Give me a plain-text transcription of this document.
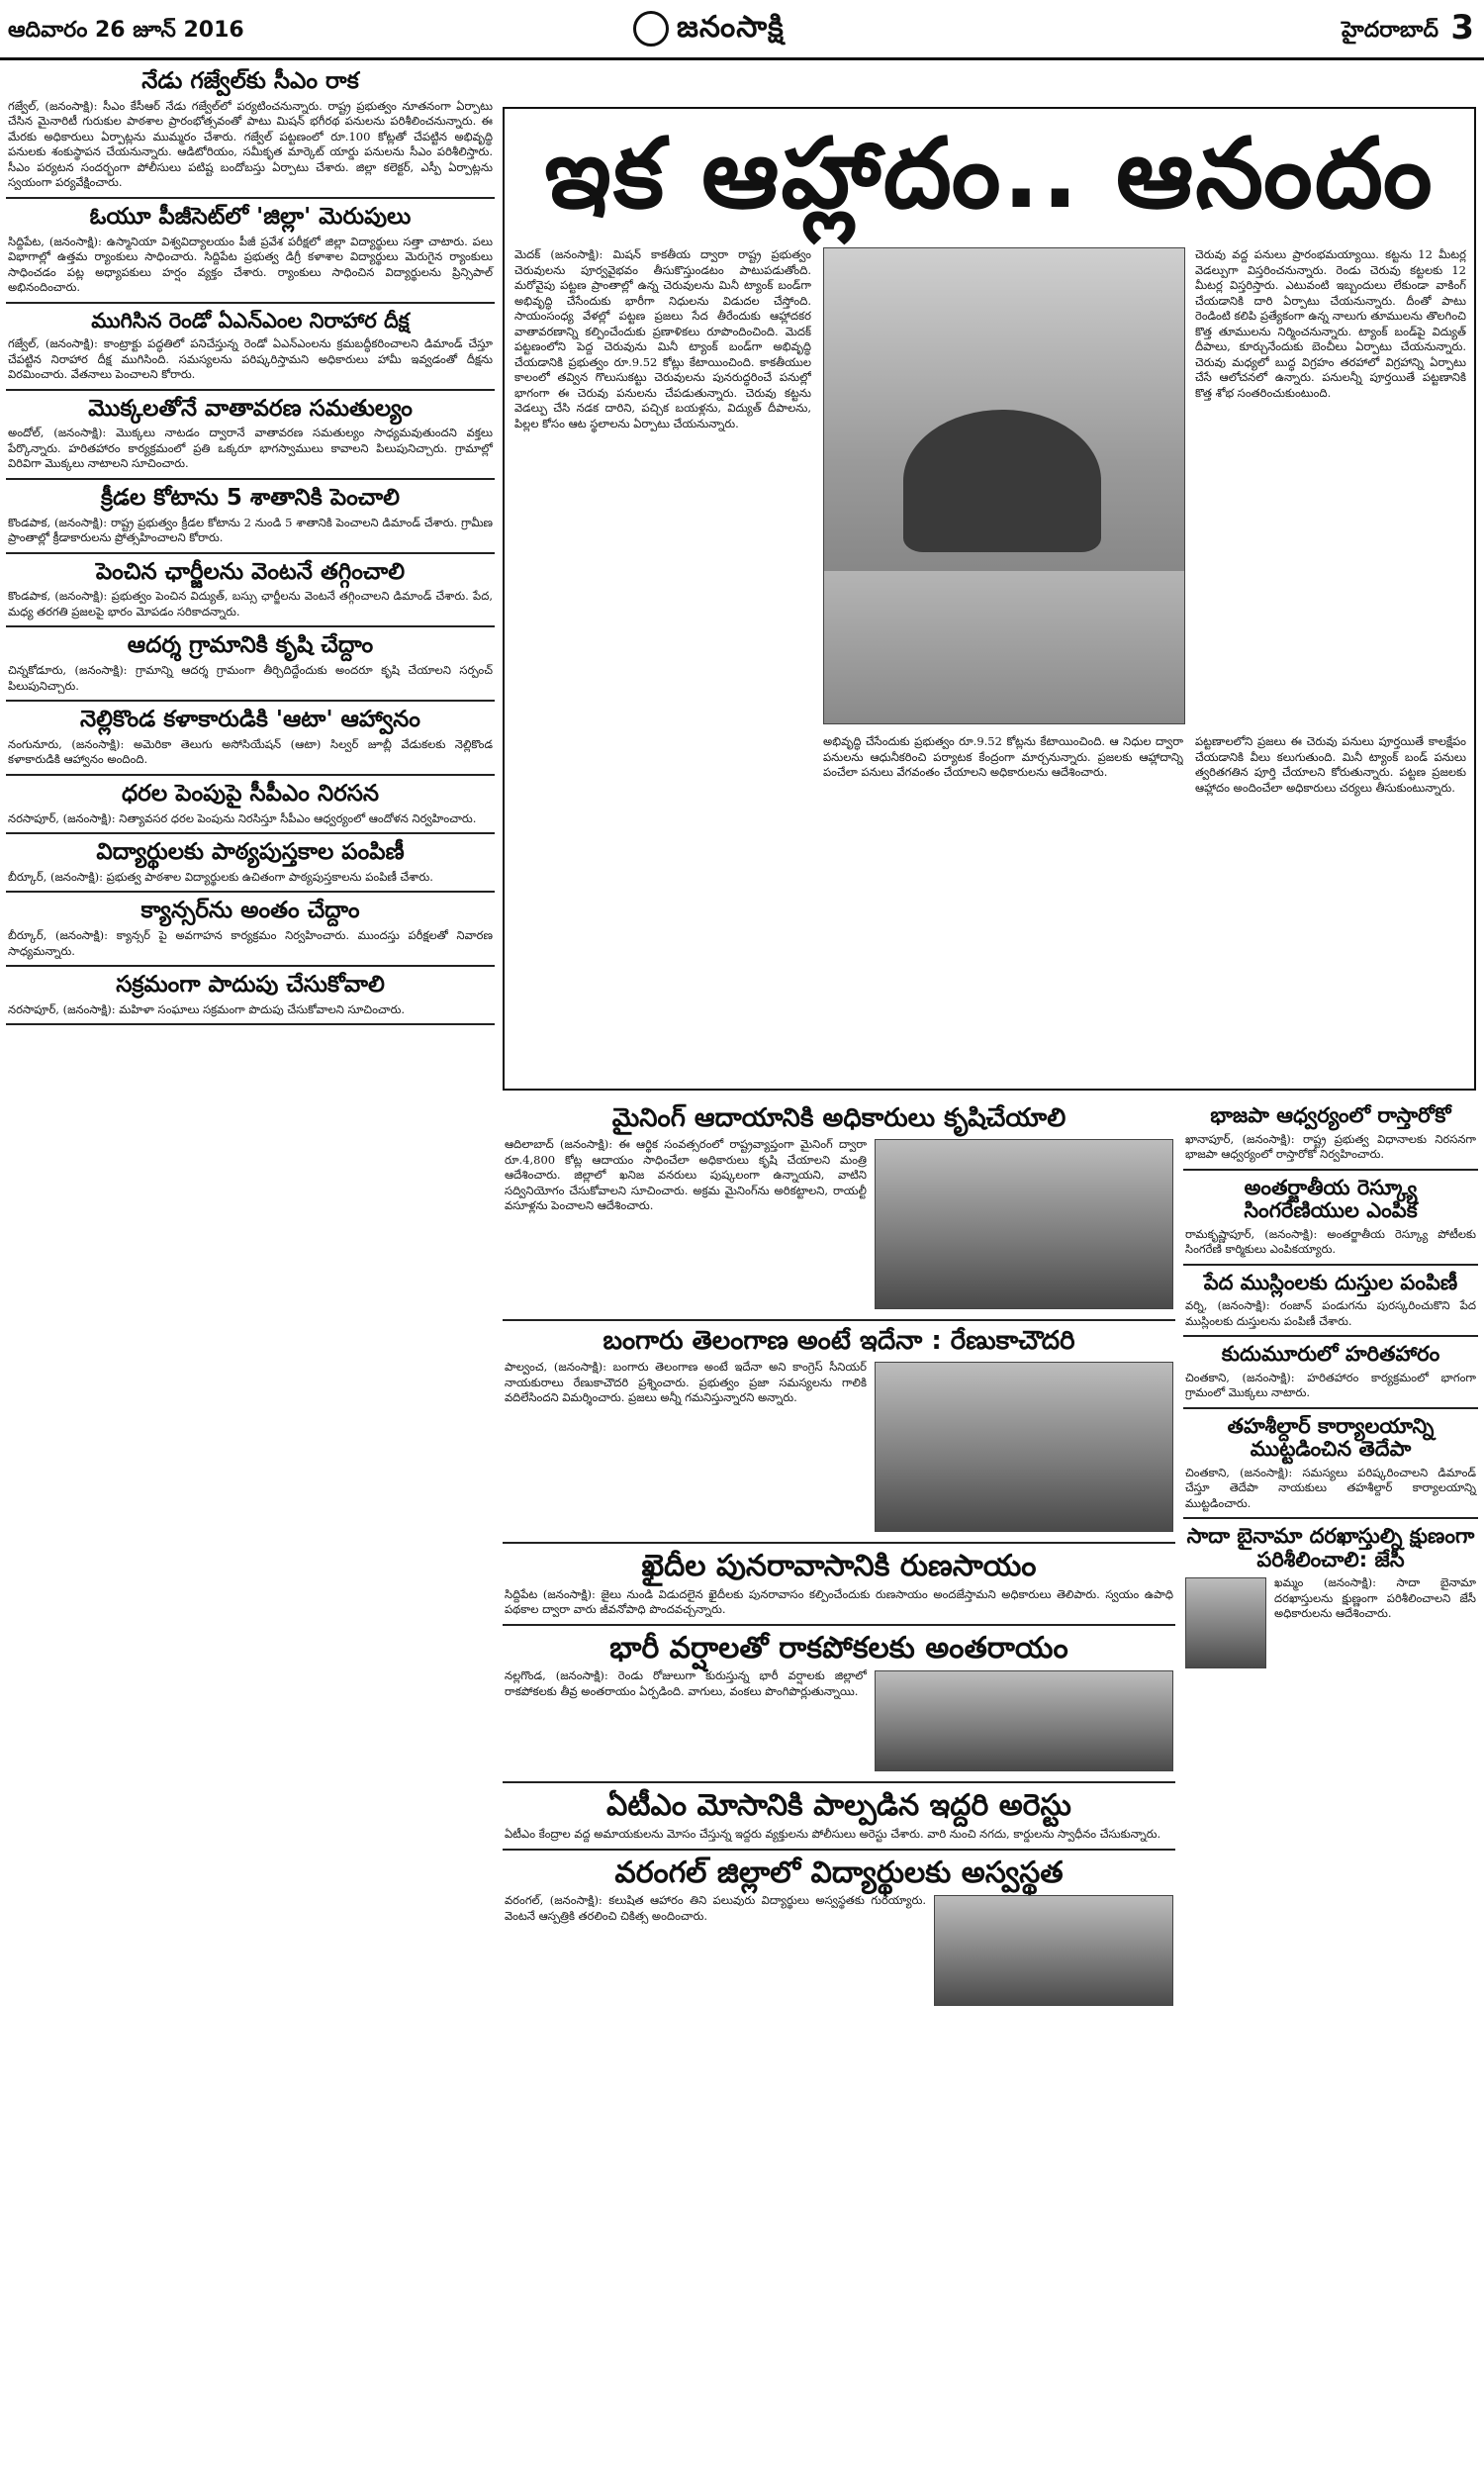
ఆదివారం 26 జూన్ 2016	జనంసాక్షి	హైదరాబాద్ 3
నేడు గజ్వేల్‌కు సీఎం రాక

గజ్వేల్, (జనంసాక్షి): సీఎం కేసీఆర్ నేడు గజ్వేల్‌లో పర్యటించనున్నారు. రాష్ట్ర ప్రభుత్వం నూతనంగా ఏర్పాటు చేసిన మైనారిటీ గురుకుల పాఠశాల ప్రారంభోత్సవంతో పాటు మిషన్ భగీరథ పనులను పరిశీలించనున్నారు. ఈ మేరకు అధికారులు ఏర్పాట్లను ముమ్మరం చేశారు. గజ్వేల్ పట్టణంలో రూ.100 కోట్లతో చేపట్టిన అభివృద్ధి పనులకు శంకుస్థాపన చేయనున్నారు. ఆడిటోరియం, సమీకృత మార్కెట్ యార్డు పనులను సీఎం పరిశీలిస్తారు. సీఎం పర్యటన సందర్భంగా పోలీసులు పటిష్ట బందోబస్తు ఏర్పాటు చేశారు. జిల్లా కలెక్టర్, ఎస్పీ ఏర్పాట్లను స్వయంగా పర్యవేక్షించారు.

ఓయూ పీజీసెట్‌లో 'జిల్లా' మెరుపులు

సిద్దిపేట, (జనంసాక్షి): ఉస్మానియా విశ్వవిద్యాలయం పీజీ ప్రవేశ పరీక్షలో జిల్లా విద్యార్థులు సత్తా చాటారు. పలు విభాగాల్లో ఉత్తమ ర్యాంకులు సాధించారు. సిద్దిపేట ప్రభుత్వ డిగ్రీ కళాశాల విద్యార్థులు మెరుగైన ర్యాంకులు సాధించడం పట్ల అధ్యాపకులు హర్షం వ్యక్తం చేశారు. ర్యాంకులు సాధించిన విద్యార్థులను ప్రిన్సిపాల్ అభినందించారు.

ముగిసిన రెండో ఏఎన్‌ఎంల నిరాహార దీక్ష

గజ్వేల్, (జనంసాక్షి): కాంట్రాక్టు పద్ధతిలో పనిచేస్తున్న రెండో ఏఎన్‌ఎంలను క్రమబద్ధీకరించాలని డిమాండ్ చేస్తూ చేపట్టిన నిరాహార దీక్ష ముగిసింది. సమస్యలను పరిష్కరిస్తామని అధికారులు హామీ ఇవ్వడంతో దీక్షను విరమించారు. వేతనాలు పెంచాలని కోరారు.

మొక్కలతోనే వాతావరణ సమతుల్యం

అందోల్, (జనంసాక్షి): మొక్కలు నాటడం ద్వారానే వాతావరణ సమతుల్యం సాధ్యమవుతుందని వక్తలు పేర్కొన్నారు. హరితహారం కార్యక్రమంలో ప్రతి ఒక్కరూ భాగస్వాములు కావాలని పిలుపునిచ్చారు. గ్రామాల్లో విరివిగా మొక్కలు నాటాలని సూచించారు.

క్రీడల కోటాను 5 శాతానికి పెంచాలి

కొండపాక, (జనంసాక్షి): రాష్ట్ర ప్రభుత్వం క్రీడల కోటాను 2 నుండి 5 శాతానికి పెంచాలని డిమాండ్ చేశారు. గ్రామీణ ప్రాంతాల్లో క్రీడాకారులను ప్రోత్సహించాలని కోరారు.

పెంచిన ఛార్జీలను వెంటనే తగ్గించాలి

కొండపాక, (జనంసాక్షి): ప్రభుత్వం పెంచిన విద్యుత్, బస్సు ఛార్జీలను వెంటనే తగ్గించాలని డిమాండ్ చేశారు. పేద, మధ్య తరగతి ప్రజలపై భారం మోపడం సరికాదన్నారు.

ఆదర్శ గ్రామానికి కృషి చేద్దాం

చిన్నకోడూరు, (జనంసాక్షి): గ్రామాన్ని ఆదర్శ గ్రామంగా తీర్చిదిద్దేందుకు అందరూ కృషి చేయాలని సర్పంచ్ పిలుపునిచ్చారు.

నెల్లికొండ కళాకారుడికి 'ఆటా' ఆహ్వానం

నంగునూరు, (జనంసాక్షి): అమెరికా తెలుగు అసోసియేషన్ (ఆటా) సిల్వర్ జూబ్లీ వేడుకలకు నెల్లికొండ కళాకారుడికి ఆహ్వానం అందింది.

ధరల పెంపుపై సీపీఎం నిరసన

నరసాపూర్, (జనంసాక్షి): నిత్యావసర ధరల పెంపును నిరసిస్తూ సీపీఎం ఆధ్వర్యంలో ఆందోళన నిర్వహించారు.

విద్యార్థులకు పాఠ్యపుస్తకాల పంపిణీ

బీర్కూర్, (జనంసాక్షి): ప్రభుత్వ పాఠశాల విద్యార్థులకు ఉచితంగా పాఠ్యపుస్తకాలను పంపిణీ చేశారు.

క్యాన్సర్‌ను అంతం చేద్దాం

బీర్కూర్, (జనంసాక్షి): క్యాన్సర్ పై అవగాహన కార్యక్రమం నిర్వహించారు. ముందస్తు పరీక్షలతో నివారణ సాధ్యమన్నారు.

సక్రమంగా పాదుపు చేసుకోవాలి

నరసాపూర్, (జనంసాక్షి): మహిళా సంఘాలు సక్రమంగా పొదుపు చేసుకోవాలని సూచించారు.

ఇక ఆహ్లాదం.. ఆనందం

మెదక్ (జనంసాక్షి): మిషన్ కాకతీయ ద్వారా రాష్ట్ర ప్రభుత్వం చెరువులను పూర్వవైభవం తీసుకొస్తుండటం పాటుపడుతోంది. మరోవైపు పట్టణ ప్రాంతాల్లో ఉన్న చెరువులను మినీ ట్యాంక్ బండ్‌గా అభివృద్ధి చేసేందుకు భారీగా నిధులను విడుదల చేస్తోంది. సాయంసంధ్య వేళల్లో పట్టణ ప్రజలు సేద తీరేందుకు ఆహ్లాదకర వాతావరణాన్ని కల్పించేందుకు ప్రణాళికలు రూపొందించింది. మెదక్ పట్టణంలోని పెద్ద చెరువును మినీ ట్యాంక్ బండ్‌గా అభివృద్ధి చేయడానికి ప్రభుత్వం రూ.9.52 కోట్లు కేటాయించింది. కాకతీయుల కాలంలో తవ్విన గొలుసుకట్టు చెరువులను పునరుద్ధరించే పనుల్లో భాగంగా ఈ చెరువు పనులను చేపడుతున్నారు. చెరువు కట్టను వెడల్పు చేసి నడక దారిని, పచ్చిక బయళ్లను, విద్యుత్ దీపాలను, పిల్లల కోసం ఆట స్థలాలను ఏర్పాటు చేయనున్నారు.

చెరువు వద్ద పనులు ప్రారంభమయ్యాయి. కట్టను 12 మీటర్ల వెడల్పుగా విస్తరించనున్నారు. రెండు చెరువు కట్టలకు 12 మీటర్ల విస్తరిస్తారు. ఎటువంటి ఇబ్బందులు లేకుండా వాకింగ్ చేయడానికి దారి ఏర్పాటు చేయనున్నారు. దీంతో పాటు రెండింటి కలిపి ప్రత్యేకంగా ఉన్న నాలుగు తూములను తొలగించి కొత్త తూములను నిర్మించనున్నారు. ట్యాంక్ బండ్‌పై విద్యుత్ దీపాలు, కూర్చునేందుకు బెంచీలు ఏర్పాటు చేయనున్నారు. చెరువు మధ్యలో బుద్ధ విగ్రహం తరహాలో విగ్రహాన్ని ఏర్పాటు చేసే ఆలోచనలో ఉన్నారు. పనులన్నీ పూర్తయితే పట్టణానికి కొత్త శోభ సంతరించుకుంటుంది.

అభివృద్ధి చేసేందుకు ప్రభుత్వం రూ.9.52 కోట్లను కేటాయించింది. ఆ నిధుల ద్వారా పనులను ఆధునీకరించి పర్యాటక కేంద్రంగా మార్చనున్నారు. ప్రజలకు ఆహ్లాదాన్ని పంచేలా పనులు వేగవంతం చేయాలని అధికారులను ఆదేశించారు.

పట్టణాలలోని ప్రజలు ఈ చెరువు పనులు పూర్తయితే కాలక్షేపం చేయడానికి వీలు కలుగుతుంది. మినీ ట్యాంక్ బండ్ పనులు త్వరితగతిన పూర్తి చేయాలని కోరుతున్నారు. పట్టణ ప్రజలకు ఆహ్లాదం అందించేలా అధికారులు చర్యలు తీసుకుంటున్నారు.

మైనింగ్ ఆదాయానికి అధికారులు కృషిచేయాలి

ఆదిలాబాద్ (జనంసాక్షి): ఈ ఆర్థిక సంవత్సరంలో రాష్ట్రవ్యాప్తంగా మైనింగ్ ద్వారా రూ.4,800 కోట్ల ఆదాయం సాధించేలా అధికారులు కృషి చేయాలని మంత్రి ఆదేశించారు. జిల్లాలో ఖనిజ వనరులు పుష్కలంగా ఉన్నాయని, వాటిని సద్వినియోగం చేసుకోవాలని సూచించారు. అక్రమ మైనింగ్‌ను అరికట్టాలని, రాయల్టీ వసూళ్లను పెంచాలని ఆదేశించారు.

బంగారు తెలంగాణ అంటే ఇదేనా : రేణుకాచౌదరి

పాల్వంచ, (జనంసాక్షి): బంగారు తెలంగాణ అంటే ఇదేనా అని కాంగ్రెస్ సీనియర్ నాయకురాలు రేణుకాచౌదరి ప్రశ్నించారు. ప్రభుత్వం ప్రజా సమస్యలను గాలికి వదిలేసిందని విమర్శించారు. ప్రజలు అన్నీ గమనిస్తున్నారని అన్నారు.

ఖైదీల పునరావాసానికి రుణసాయం

సిద్దిపేట (జనంసాక్షి): జైలు నుండి విడుదలైన ఖైదీలకు పునరావాసం కల్పించేందుకు రుణసాయం అందజేస్తామని అధికారులు తెలిపారు. స్వయం ఉపాధి పథకాల ద్వారా వారు జీవనోపాధి పొందవచ్చన్నారు.

భారీ వర్షాలతో రాకపోకలకు అంతరాయం

నల్లగొండ, (జనంసాక్షి): రెండు రోజులుగా కురుస్తున్న భారీ వర్షాలకు జిల్లాలో రాకపోకలకు తీవ్ర అంతరాయం ఏర్పడింది. వాగులు, వంకలు పొంగిపొర్లుతున్నాయి.

ఏటీఎం మోసానికి పాల్పడిన ఇద్దరి అరెస్టు

ఏటీఎం కేంద్రాల వద్ద అమాయకులను మోసం చేస్తున్న ఇద్దరు వ్యక్తులను పోలీసులు అరెస్టు చేశారు. వారి నుంచి నగదు, కార్డులను స్వాధీనం చేసుకున్నారు.

వరంగల్ జిల్లాలో విద్యార్థులకు అస్వస్థత

వరంగల్, (జనంసాక్షి): కలుషిత ఆహారం తిని పలువురు విద్యార్థులు అస్వస్థతకు గురయ్యారు. వెంటనే ఆస్పత్రికి తరలించి చికిత్స అందించారు.

భాజపా ఆధ్వర్యంలో రాస్తారోకో

ఖానాపూర్, (జనంసాక్షి): రాష్ట్ర ప్రభుత్వ విధానాలకు నిరసనగా భాజపా ఆధ్వర్యంలో రాస్తారోకో నిర్వహించారు.

అంతర్జాతీయ రెస్క్యూ సింగరేణియుల ఎంపిక

రామకృష్ణాపూర్, (జనంసాక్షి): అంతర్జాతీయ రెస్క్యూ పోటీలకు సింగరేణి కార్మికులు ఎంపికయ్యారు.

పేద ముస్లింలకు దుస్తుల పంపిణీ

వర్ని, (జనంసాక్షి): రంజాన్ పండుగను పురస్కరించుకొని పేద ముస్లింలకు దుస్తులను పంపిణీ చేశారు.

కుదుమూరులో హరితహారం

చింతకాని, (జనంసాక్షి): హరితహారం కార్యక్రమంలో భాగంగా గ్రామంలో మొక్కలు నాటారు.

తహశీల్దార్ కార్యాలయాన్ని ముట్టడించిన తెదేపా

చింతకాని, (జనంసాక్షి): సమస్యలు పరిష్కరించాలని డిమాండ్ చేస్తూ తెదేపా నాయకులు తహశీల్దార్ కార్యాలయాన్ని ముట్టడించారు.

సాదా బైనామా దరఖాస్తుల్ని క్షుణంగా పరిశీలించాలి: జేసీ

ఖమ్మం (జనంసాక్షి): సాదా బైనామా దరఖాస్తులను క్షుణ్ణంగా పరిశీలించాలని జేసీ అధికారులను ఆదేశించారు.
